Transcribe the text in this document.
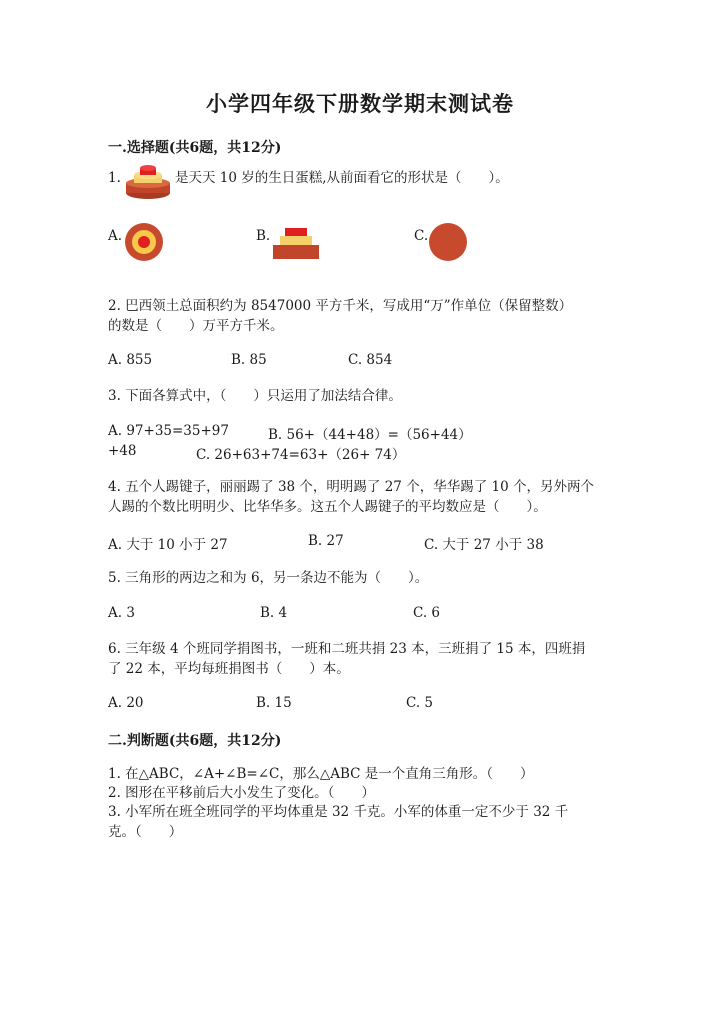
小学四年级下册数学期末测试卷
一.选择题(共6题，共12分)
1.	是天天 10 岁的生日蛋糕,从前面看它的形状是（　　）。
A.	B.	C.
2. 巴西领土总面积约为 8547000 平方千米，写成用“万”作单位（保留整数）
的数是（　　）万平方千米。
A. 855	B. 85	C. 854
3. 下面各算式中，（　　）只运用了加法结合律。
A. 97+35=35+97	B. 56+（44+48）=（56+44）
+48	C. 26+63+74=63+（26+ 74）
4. 五个人踢键子，丽丽踢了 38 个，明明踢了 27 个，华华踢了 10 个，另外两个
人踢的个数比明明少、比华华多。这五个人踢键子的平均数应是（　　）。
A. 大于 10 小于 27	B. 27	C. 大于 27 小于 38
5. 三角形的两边之和为 6，另一条边不能为（　　）。
A. 3	B. 4	C. 6
6. 三年级 4 个班同学捐图书，一班和二班共捐 23 本，三班捐了 15 本，四班捐
了 22 本，平均每班捐图书（　　）本。
A. 20	B. 15	C. 5
二.判断题(共6题，共12分)
1. 在△ABC，∠A+∠B=∠C，那么△ABC 是一个直角三角形。（　　）
2. 图形在平移前后大小发生了变化。（　　）
3. 小军所在班全班同学的平均体重是 32 千克。小军的体重一定不少于 32 千
克。（　　）
